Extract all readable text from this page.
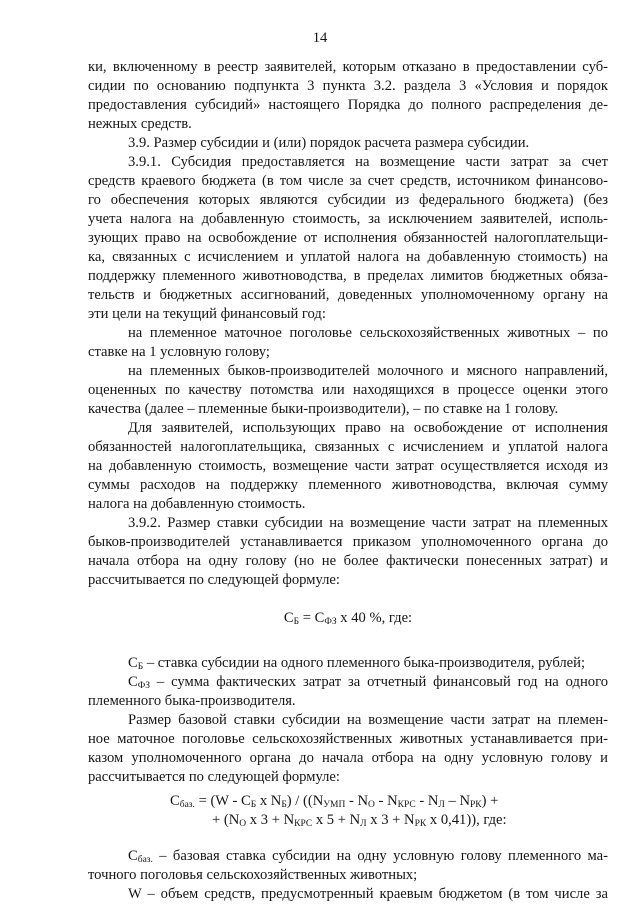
14
ки, включенному в реестр заявителей, которым отказано в предоставлении суб-
сидии по основанию подпункта 3 пункта 3.2. раздела 3 «Условия и порядок
предоставления субсидий» настоящего Порядка до полного распределения де-
нежных средств.
3.9. Размер субсидии и (или) порядок расчета размера субсидии.
3.9.1. Субсидия предоставляется на возмещение части затрат за счет
средств краевого бюджета (в том числе за счет средств, источником финансово-
го обеспечения которых являются субсидии из федерального бюджета) (без
учета налога на добавленную стоимость, за исключением заявителей, исполь-
зующих право на освобождение от исполнения обязанностей налогоплательщи-
ка, связанных с исчислением и уплатой налога на добавленную стоимость) на
поддержку племенного животноводства, в пределах лимитов бюджетных обяза-
тельств и бюджетных ассигнований, доведенных уполномоченному органу на
эти цели на текущий финансовый год:
на племенное маточное поголовье сельскохозяйственных животных – по
ставке на 1 условную голову;
на племенных быков-производителей молочного и мясного направлений,
оцененных по качеству потомства или находящихся в процессе оценки этого
качества (далее – племенные быки-производители), – по ставке на 1 голову.
Для заявителей, использующих право на освобождение от исполнения
обязанностей налогоплательщика, связанных с исчислением и уплатой налога
на добавленную стоимость, возмещение части затрат осуществляется исходя из
суммы расходов на поддержку племенного животноводства, включая сумму
налога на добавленную стоимость.
3.9.2. Размер ставки субсидии на возмещение части затрат на племенных
быков-производителей устанавливается приказом уполномоченного органа до
начала отбора на одну голову (но не более фактически понесенных затрат) и
рассчитывается по следующей формуле:
$С_Б = С_{ФЗ}$ х 40 %, где:
$С_Б$ – ставка субсидии на одного племенного быка-производителя, рублей;
$С_{ФЗ}$ – сумма фактических затрат за отчетный финансовый год на одного
племенного быка-производителя.
Размер базовой ставки субсидии на возмещение части затрат на племен-
ное маточное поголовье сельскохозяйственных животных устанавливается при-
казом уполномоченного органа до начала отбора на одну условную голову и
рассчитывается по следующей формуле:
$С_{баз.} = (W - С_Б$ x $N_Б) / ((N_{УМП} - N_О - N_{КРС} - N_Л - N_{РК})$ +
+ ($N_О$ х $3 + N_{КРС}$ х $5 + N_Л$ х $3 + N_{РК}$ х 0,41)), где:
$С_{баз.}$ – базовая ставка субсидии на одну условную голову племенного ма-
точного поголовья сельскохозяйственных животных;
W – объем средств, предусмотренный краевым бюджетом (в том числе за
